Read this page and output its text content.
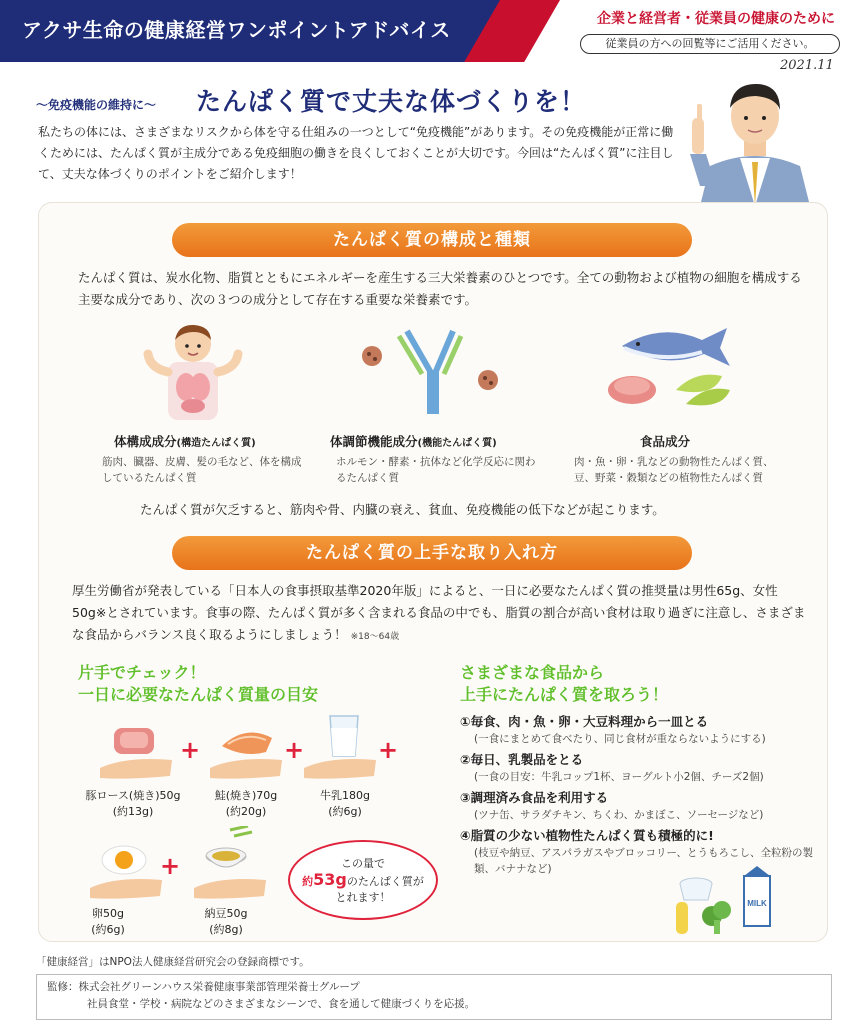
アクサ生命の健康経営ワンポイントアドバイス	企業と経営者・従業員の健康のために
従業員の方への回覧等にご活用ください。
2021.11
〜免疫機能の維持に〜 たんぱく質で丈夫な体づくりを！
私たちの体には、さまざまなリスクから体を守る仕組みの一つとして“免疫機能”があります。その免疫機能が正常に働くためには、たんぱく質が主成分である免疫細胞の働きを良くしておくことが大切です。今回は“たんぱく質”に注目して、丈夫な体づくりのポイントをご紹介します！
たんぱく質の構成と種類
たんぱく質は、炭水化物、脂質とともにエネルギーを産生する三大栄養素のひとつです。全ての動物および植物の細胞を構成する主要な成分であり、次の３つの成分として存在する重要な栄養素です。
体構成成分(構造たんぱく質)
筋肉、臓器、皮膚、髪の毛など、体を構成しているたんぱく質
体調節機能成分(機能たんぱく質)
ホルモン・酵素・抗体など化学反応に関わるたんぱく質
食品成分
肉・魚・卵・乳などの動物性たんぱく質、豆、野菜・穀類などの植物性たんぱく質
たんぱく質が欠乏すると、筋肉や骨、内臓の衰え、貧血、免疫機能の低下などが起こります。
たんぱく質の上手な取り入れ方
厚生労働省が発表している「日本人の食事摂取基準2020年版」によると、一日に必要なたんぱく質の推奨量は男性65g、女性50g※とされています。食事の際、たんぱく質が多く含まれる食品の中でも、脂質の割合が高い食材は取り過ぎに注意し、さまざまな食品からバランス良く取るようにしましょう！ ※18〜64歳
片手でチェック！
一日に必要なたんぱく質量の目安
+	+	+
豚ロース(焼き)50g
(約13g)
鮭(焼き)70g
(約20g)
牛乳180g
(約6g)
+
卵50g
(約6g)
納豆50g
(約8g)
この量で
約53gのたんぱく質が
とれます！
さまざまな食品から
上手にたんぱく質を取ろう！
①毎食、肉・魚・卵・大豆料理から一皿とる
(一食にまとめて食べたり、同じ食材が重ならないようにする)
②毎日、乳製品をとる
(一食の目安：牛乳コップ1杯、ヨーグルト小2個、チーズ2個)
③調理済み食品を利用する
(ツナ缶、サラダチキン、ちくわ、かまぼこ、ソーセージなど)
④脂質の少ない植物性たんぱく質も積極的に!
(枝豆や納豆、アスパラガスやブロッコリー、とうもろこし、全粒粉の製類、バナナなど)
MILK
「健康経営」はNPO法人健康経営研究会の登録商標です。
監修：株式会社グリーンハウス栄養健康事業部管理栄養士グループ
社員食堂・学校・病院などのさまざまなシーンで、食を通して健康づくりを応援。
